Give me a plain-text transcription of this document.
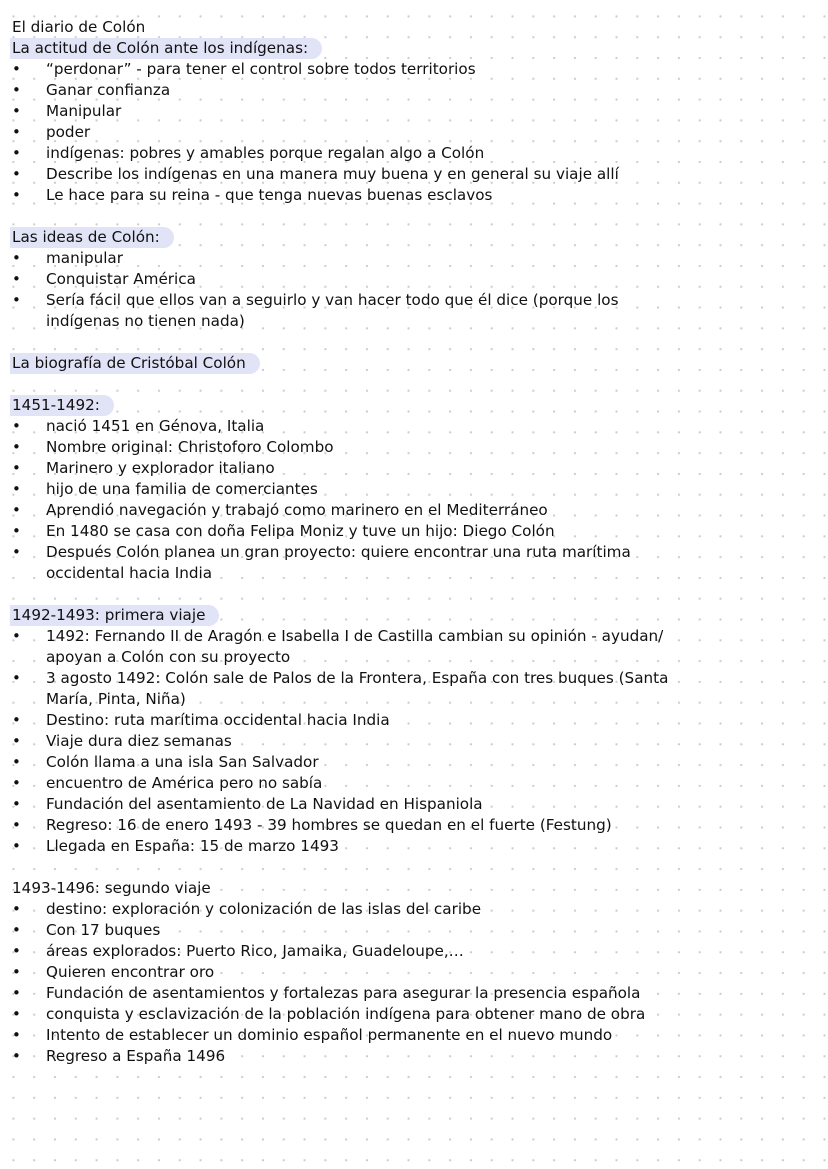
El diario de Colón
La actitud de Colón ante los indígenas:
• “perdonar” - para tener el control sobre todos territorios
• Ganar confianza
• Manipular
• poder
• indígenas: pobres y amables porque regalan algo a Colón
• Describe los indígenas en una manera muy buena y en general su viaje allí
• Le hace para su reina - que tenga nuevas buenas esclavos
Las ideas de Colón:
• manipular
• Conquistar América
• Sería fácil que ellos van a seguirlo y van hacer todo que él dice (porque los
indígenas no tienen nada)
La biografía de Cristóbal Colón
1451-1492:
• nació 1451 en Génova, Italia
• Nombre original: Christoforo Colombo
• Marinero y explorador italiano
• hijo de una familia de comerciantes
• Aprendió navegación y trabajó como marinero en el Mediterráneo
• En 1480 se casa con doña Felipa Moniz y tuve un hijo: Diego Colón
• Después Colón planea un gran proyecto: quiere encontrar una ruta marítima
occidental hacia India
1492-1493: primera viaje
• 1492: Fernando II de Aragón e Isabella I de Castilla cambian su opinión - ayudan/
apoyan a Colón con su proyecto
• 3 agosto 1492: Colón sale de Palos de la Frontera, España con tres buques (Santa
María, Pinta, Niña)
• Destino: ruta marítima occidental hacia India
• Viaje dura diez semanas
• Colón llama a una isla San Salvador
• encuentro de América pero no sabía
• Fundación del asentamiento de La Navidad en Hispaniola
• Regreso: 16 de enero 1493 - 39 hombres se quedan en el fuerte (Festung)
• Llegada en España: 15 de marzo 1493
1493-1496: segundo viaje
• destino: exploración y colonización de las islas del caribe
• Con 17 buques
• áreas explorados: Puerto Rico, Jamaika, Guadeloupe,…
• Quieren encontrar oro
• Fundación de asentamientos y fortalezas para asegurar la presencia española
• conquista y esclavización de la población indígena para obtener mano de obra
• Intento de establecer un dominio español permanente en el nuevo mundo
• Regreso a España 1496
